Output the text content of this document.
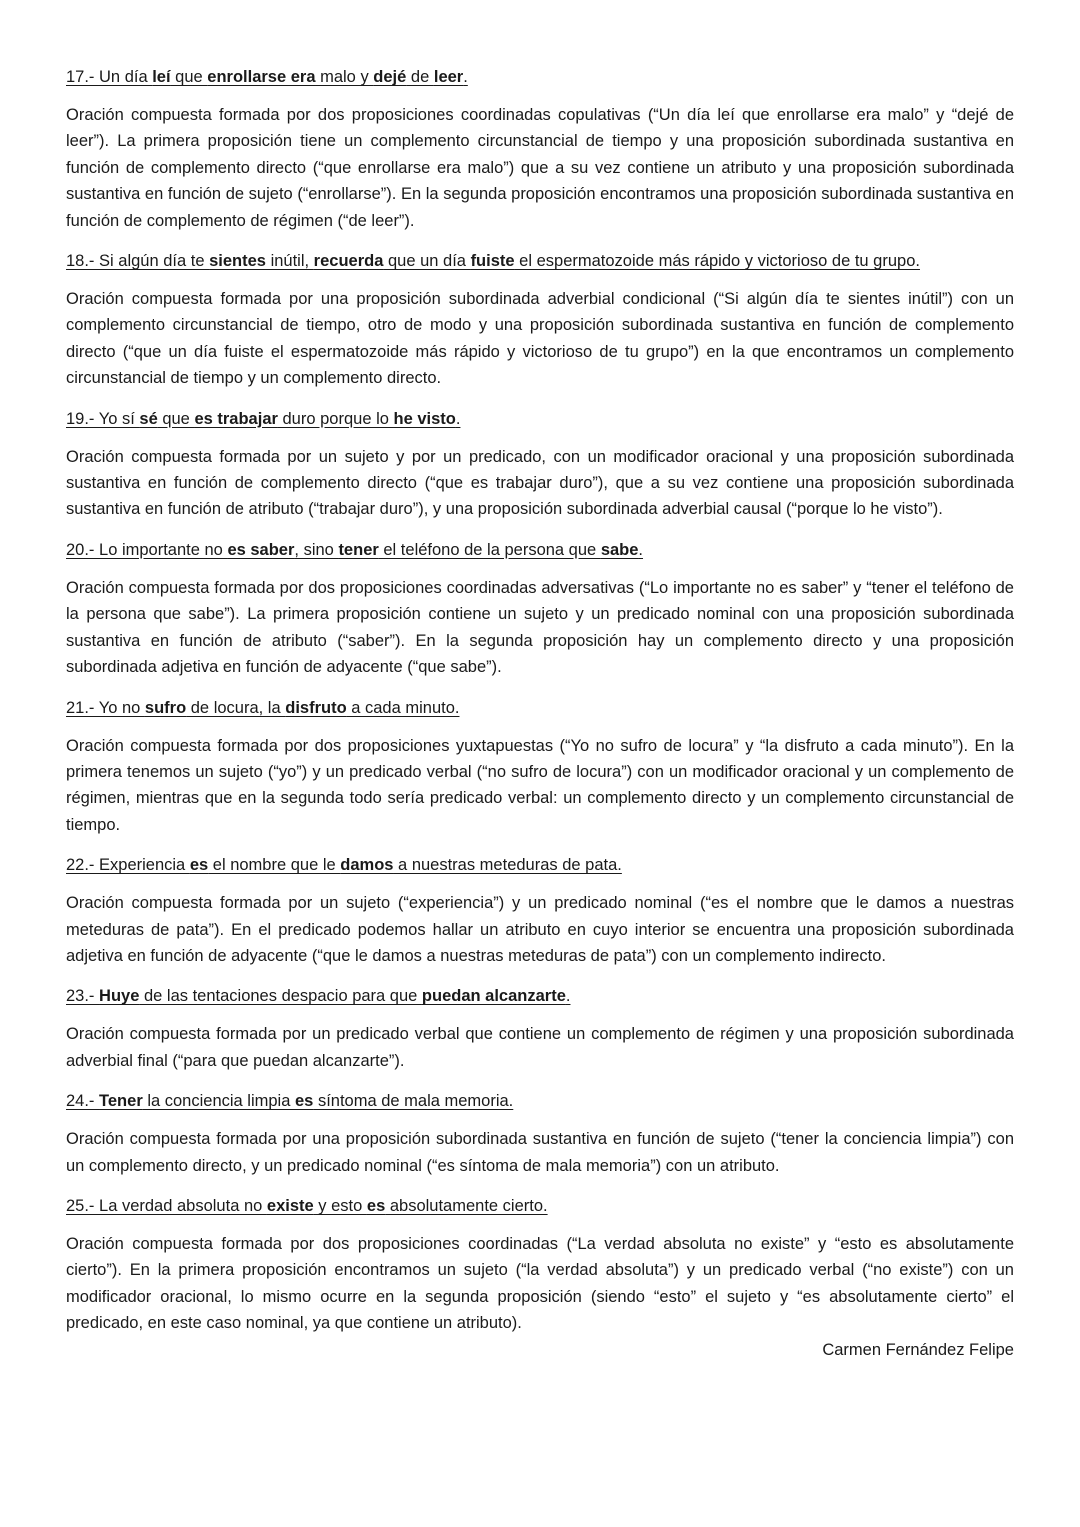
17.- Un día leí que enrollarse era malo y dejé de leer.

Oración compuesta formada por dos proposiciones coordinadas copulativas (“Un día leí que enrollarse era malo” y “dejé de leer”). La primera proposición tiene un complemento circunstancial de tiempo y una proposición subordinada sustantiva en función de complemento directo (“que enrollarse era malo”) que a su vez contiene un atributo y una proposición subordinada sustantiva en función de sujeto (“enrollarse”). En la segunda proposición encontramos una proposición subordinada sustantiva en función de complemento de régimen (“de leer”).

18.- Si algún día te sientes inútil, recuerda que un día fuiste el espermatozoide más rápido y victorioso de tu grupo.

Oración compuesta formada por una proposición subordinada adverbial condicional (“Si algún día te sientes inútil”) con un complemento circunstancial de tiempo, otro de modo y una proposición subordinada sustantiva en función de complemento directo (“que un día fuiste el espermatozoide más rápido y victorioso de tu grupo”) en la que encontramos un complemento circunstancial de tiempo y un complemento directo.

19.- Yo sí sé que es trabajar duro porque lo he visto.

Oración compuesta formada por un sujeto y por un predicado, con un modificador oracional y una proposición subordinada sustantiva en función de complemento directo (“que es trabajar duro”), que a su vez contiene una proposición subordinada sustantiva en función de atributo (“trabajar duro”), y una proposición subordinada adverbial causal (“porque lo he visto”).

20.- Lo importante no es saber, sino tener el teléfono de la persona que sabe.

Oración compuesta formada por dos proposiciones coordinadas adversativas (“Lo importante no es saber” y “tener el teléfono de la persona que sabe”). La primera proposición contiene un sujeto y un predicado nominal con una proposición subordinada sustantiva en función de atributo (“saber”). En la segunda proposición hay un complemento directo y una proposición subordinada adjetiva en función de adyacente (“que sabe”).

21.- Yo no sufro de locura, la disfruto a cada minuto.

Oración compuesta formada por dos proposiciones yuxtapuestas (“Yo no sufro de locura” y “la disfruto a cada minuto”). En la primera tenemos un sujeto (“yo”) y un predicado verbal (“no sufro de locura”) con un modificador oracional y un complemento de régimen, mientras que en la segunda todo sería predicado verbal: un complemento directo y un complemento circunstancial de tiempo.

22.- Experiencia es el nombre que le damos a nuestras meteduras de pata.

Oración compuesta formada por un sujeto (“experiencia”) y un predicado nominal (“es el nombre que le damos a nuestras meteduras de pata”). En el predicado podemos hallar un atributo en cuyo interior se encuentra una proposición subordinada adjetiva en función de adyacente (“que le damos a nuestras meteduras de pata”) con un complemento indirecto.

23.- Huye de las tentaciones despacio para que puedan alcanzarte.

Oración compuesta formada por un predicado verbal que contiene un complemento de régimen y una proposición subordinada adverbial final (“para que puedan alcanzarte”).

24.- Tener la conciencia limpia es síntoma de mala memoria.

Oración compuesta formada por una proposición subordinada sustantiva en función de sujeto (“tener la conciencia limpia”) con un complemento directo, y un predicado nominal (“es síntoma de mala memoria”) con un atributo.

25.- La verdad absoluta no existe y esto es absolutamente cierto.

Oración compuesta formada por dos proposiciones coordinadas (“La verdad absoluta no existe” y “esto es absolutamente cierto”). En la primera proposición encontramos un sujeto (“la verdad absoluta”) y un predicado verbal (“no existe”) con un modificador oracional, lo mismo ocurre en la segunda proposición (siendo “esto” el sujeto y “es absolutamente cierto” el predicado, en este caso nominal, ya que contiene un atributo).

Carmen Fernández Felipe
